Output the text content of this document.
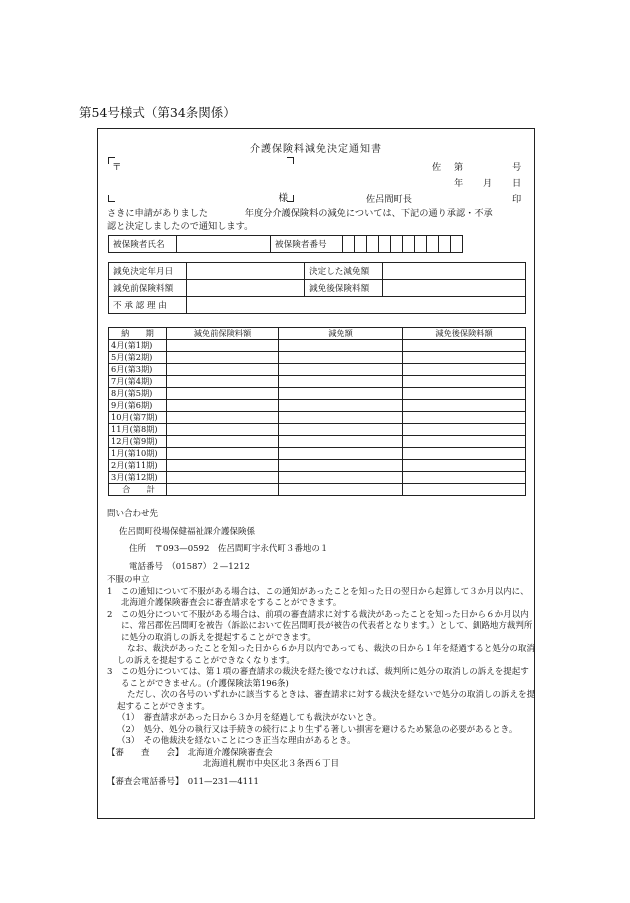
第54号様式（第34条関係）
介護保険料減免決定通知書
〒
様
佐 第	号
年 月 日
佐呂間町長	印
さきに申請がありました　　　　年度分介護保険料の減免については、下記の通り承認・不承
認と決定しましたので通知します。
被保険者氏名		被保険者番号										
減免決定年月日		決定した減免額	
減免前保険料額		減免後保険料額	
不 承 認 理 由			
納　　期	減免前保険料額	減免額	減免後保険料額
4月(第1期)			
5月(第2期)			
6月(第3期)			
7月(第4期)			
8月(第5期)			
9月(第6期)			
10月(第7期)			
11月(第8期)			
12月(第9期)			
1月(第10期)			
2月(第11期)			
3月(第12期)			
合　　計			

問い合わせ先

佐呂間町役場保健福祉課介護保険係

住所　〒093—0592　佐呂間町宇永代町３番地の１

電話番号　（01587）２—1212

不服の申立

1　この通知について不服がある場合は、この通知があったことを知った日の翌日から起算して３か月以内に、北海道介護保険審査会に審査請求をすることができます。

2　この処分について不服がある場合は、前項の審査請求に対する裁決があったことを知った日から６か月以内に、常呂郡佐呂間町を被告（訴訟において佐呂間町長が被告の代表者となります。）として、釧路地方裁判所に処分の取消しの訴えを提起することができます。

なお、裁決があったことを知った日から６か月以内であっても、裁決の日から１年を経過すると処分の取消しの訴えを提起することができなくなります。

3　この処分については、第１項の審査請求の裁決を経た後でなければ、裁判所に処分の取消しの訴えを提起することができません。(介護保険法第196条)

ただし、次の各号のいずれかに該当するときは、審査請求に対する裁決を経ないで処分の取消しの訴えを提起することができます。

（1）　審査請求があった日から３か月を経過しても裁決がないとき。

（2）　処分、処分の執行又は手続きの続行により生ずる著しい損害を避けるため緊急の必要があるとき。

（3）　その他裁決を経ないことにつき正当な理由があるとき。

【審　　査　　会】　 北海道介護保険審査会

北海道札幌市中央区北３条西６丁目

【審査会電話番号】　 011—231—4111
